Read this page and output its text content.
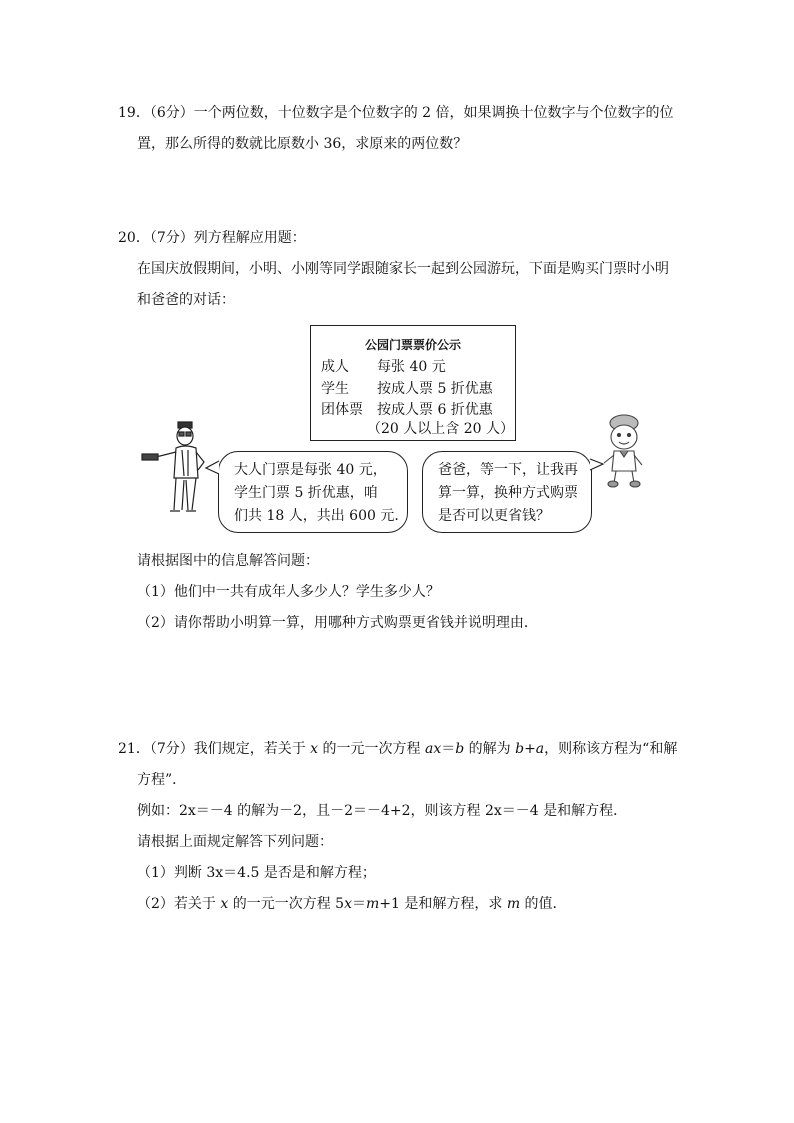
19．（6分）一个两位数，十位数字是个位数字的 2 倍，如果调换十位数字与个位数字的位
置，那么所得的数就比原数小 36，求原来的两位数？
20．（7分）列方程解应用题：
在国庆放假期间，小明、小刚等同学跟随家长一起到公园游玩，下面是购买门票时小明
和爸爸的对话：
公园门票票价公示
成人 每张 40 元
学生 按成人票 5 折优惠
团体票 按成人票 6 折优惠
（20 人以上含 20 人）
大人门票是每张 40 元，
学生门票 5 折优惠，咱
们共 18 人，共出 600 元.
爸爸，等一下，让我再
算一算，换种方式购票
是否可以更省钱？
请根据图中的信息解答问题：
（1）他们中一共有成年人多少人？学生多少人？
（2）请你帮助小明算一算，用哪种方式购票更省钱并说明理由．
21．（7分）我们规定，若关于 x 的一元一次方程 ax＝b 的解为 b+a，则称该方程为“和解
方程”．
例如：2x＝－4 的解为－2，且－2＝－4+2，则该方程 2x＝－4 是和解方程．
请根据上面规定解答下列问题：
（1）判断 3x＝4.5 是否是和解方程；
（2）若关于 x 的一元一次方程 5x＝m+1 是和解方程，求 m 的值．
